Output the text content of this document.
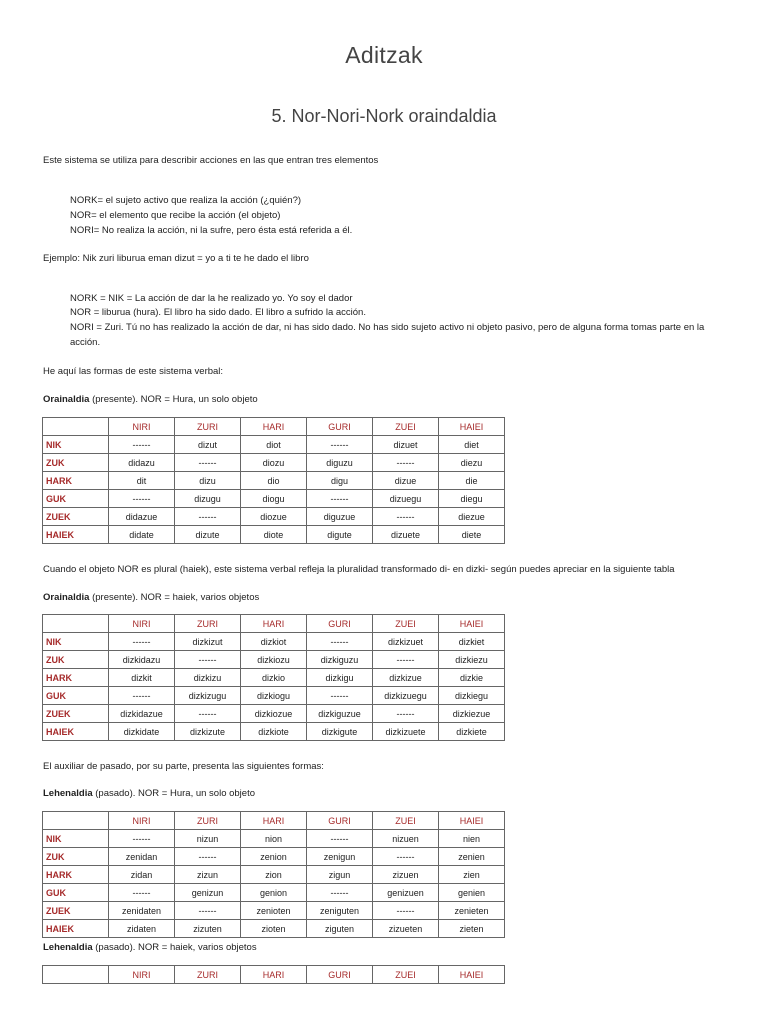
Aditzak
5. Nor-Nori-Nork oraindaldia
Este sistema se utiliza para describir acciones en las que entran tres elementos
NORK= el sujeto activo que realiza la acción (¿quién?)
NOR= el elemento que recibe la acción (el objeto)
NORI= No realiza la acción, ni la sufre, pero ésta está referida a él.
Ejemplo: Nik zuri liburua eman dizut = yo a ti te he dado el libro
NORK = NIK = La acción de dar la he realizado yo. Yo soy el dador
NOR = liburua (hura). El libro ha sido dado. El libro a sufrido la acción.
NORI = Zuri. Tú no has realizado la acción de dar, ni has sido dado. No has sido sujeto activo ni objeto pasivo, pero de alguna forma tomas parte en la acción.
He aquí las formas de este sistema verbal:
Orainaldia (presente). NOR = Hura, un solo objeto
	NIRI	ZURI	HARI	GURI	ZUEI	HAIEI
NIK	------	dizut	diot	------	dizuet	diet
ZUK	didazu	------	diozu	diguzu	------	diezu
HARK	dit	dizu	dio	digu	dizue	die
GUK	------	dizugu	diogu	------	dizuegu	diegu
ZUEK	didazue	------	diozue	diguzue	------	diezue
HAIEK	didate	dizute	diote	digute	dizuete	diete
Cuando el objeto NOR es plural (haiek), este sistema verbal refleja la pluralidad transformado di- en dizki- según puedes apreciar en la siguiente tabla
Orainaldia (presente). NOR = haiek, varios objetos
	NIRI	ZURI	HARI	GURI	ZUEI	HAIEI
NIK	------	dizkizut	dizkiot	------	dizkizuet	dizkiet
ZUK	dizkidazu	------	dizkiozu	dizkiguzu	------	dizkiezu
HARK	dizkit	dizkizu	dizkio	dizkigu	dizkizue	dizkie
GUK	------	dizkizugu	dizkiogu	------	dizkizuegu	dizkiegu
ZUEK	dizkidazue	------	dizkiozue	dizkiguzue	------	dizkiezue
HAIEK	dizkidate	dizkizute	dizkiote	dizkigute	dizkizuete	dizkiete
El auxiliar de pasado, por su parte, presenta las siguientes formas:
Lehenaldia (pasado). NOR = Hura, un solo objeto
	NIRI	ZURI	HARI	GURI	ZUEI	HAIEI
NIK	------	nizun	nion	------	nizuen	nien
ZUK	zenidan	------	zenion	zenigun	------	zenien
HARK	zidan	zizun	zion	zigun	zizuen	zien
GUK	------	genizun	genion	------	genizuen	genien
ZUEK	zenidaten	------	zenioten	zeniguten	------	zenieten
HAIEK	zidaten	zizuten	zioten	ziguten	zizueten	zieten
Lehenaldia (pasado). NOR = haiek, varios objetos
	NIRI	ZURI	HARI	GURI	ZUEI	HAIEI
